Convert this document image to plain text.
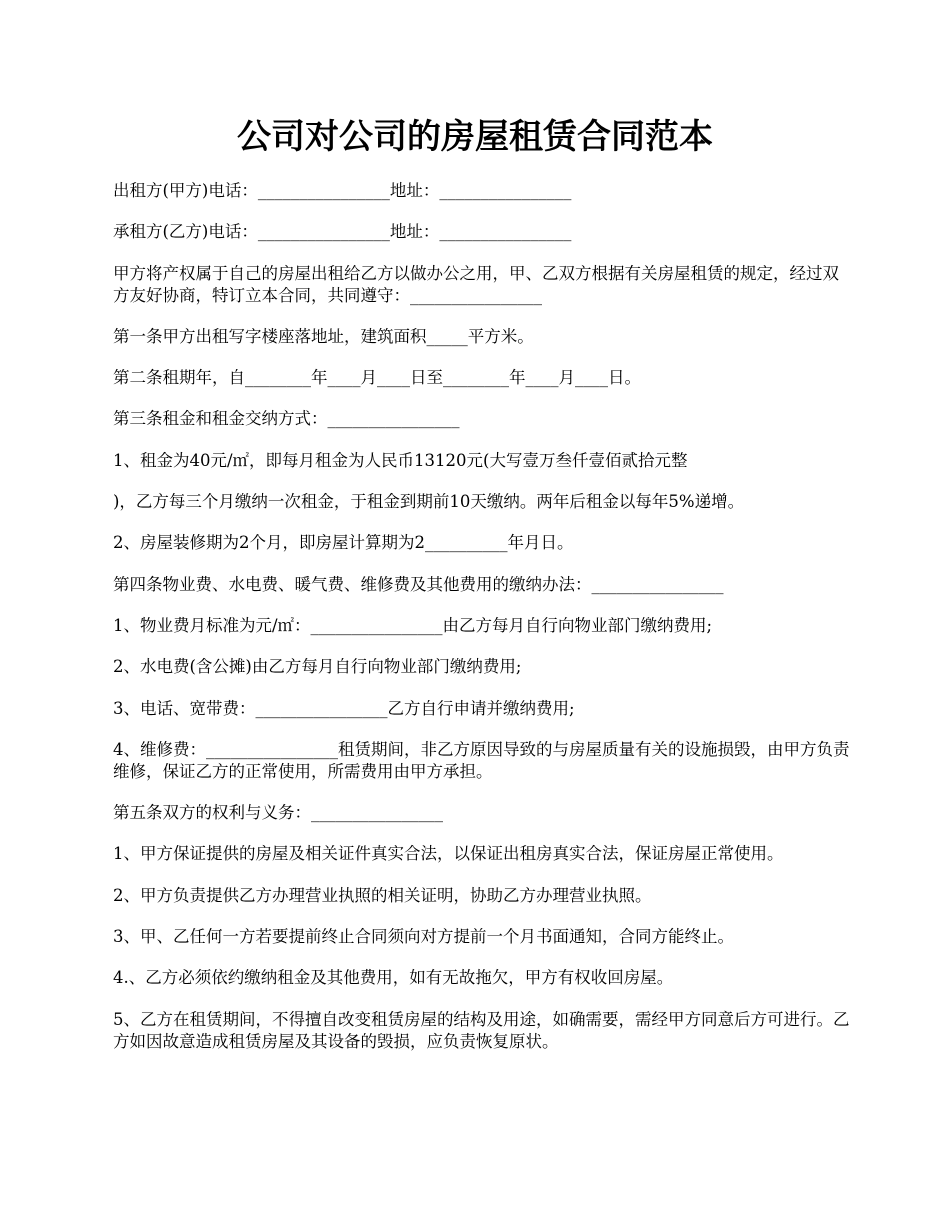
公司对公司的房屋租赁合同范本

出租方(甲方)电话：________________地址：________________

承租方(乙方)电话：________________地址：________________

甲方将产权属于自己的房屋出租给乙方以做办公之用，甲、乙双方根据有关房屋租赁的规定，经过双方友好协商，特订立本合同，共同遵守：________________

第一条甲方出租写字楼座落地址，建筑面积_____平方米。

第二条租期年，自________年____月____日至________年____月____日。

第三条租金和租金交纳方式：________________

1、租金为40元/㎡，即每月租金为人民币13120元(大写壹万叁仟壹佰贰拾元整

)，乙方每三个月缴纳一次租金，于租金到期前10天缴纳。两年后租金以每年5%递增。

2、房屋装修期为2个月，即房屋计算期为2__________年月日。

第四条物业费、水电费、暖气费、维修费及其他费用的缴纳办法：________________

1、物业费月标准为元/㎡：________________由乙方每月自行向物业部门缴纳费用;

2、水电费(含公摊)由乙方每月自行向物业部门缴纳费用;

3、电话、宽带费：________________乙方自行申请并缴纳费用;

4、维修费：________________租赁期间，非乙方原因导致的与房屋质量有关的设施损毁，由甲方负责维修，保证乙方的正常使用，所需费用由甲方承担。

第五条双方的权利与义务：________________

1、甲方保证提供的房屋及相关证件真实合法，以保证出租房真实合法，保证房屋正常使用。

2、甲方负责提供乙方办理营业执照的相关证明，协助乙方办理营业执照。

3、甲、乙任何一方若要提前终止合同须向对方提前一个月书面通知，合同方能终止。

4.、乙方必须依约缴纳租金及其他费用，如有无故拖欠，甲方有权收回房屋。

5、乙方在租赁期间，不得擅自改变租赁房屋的结构及用途，如确需要，需经甲方同意后方可进行。乙方如因故意造成租赁房屋及其设备的毁损，应负责恢复原状。
